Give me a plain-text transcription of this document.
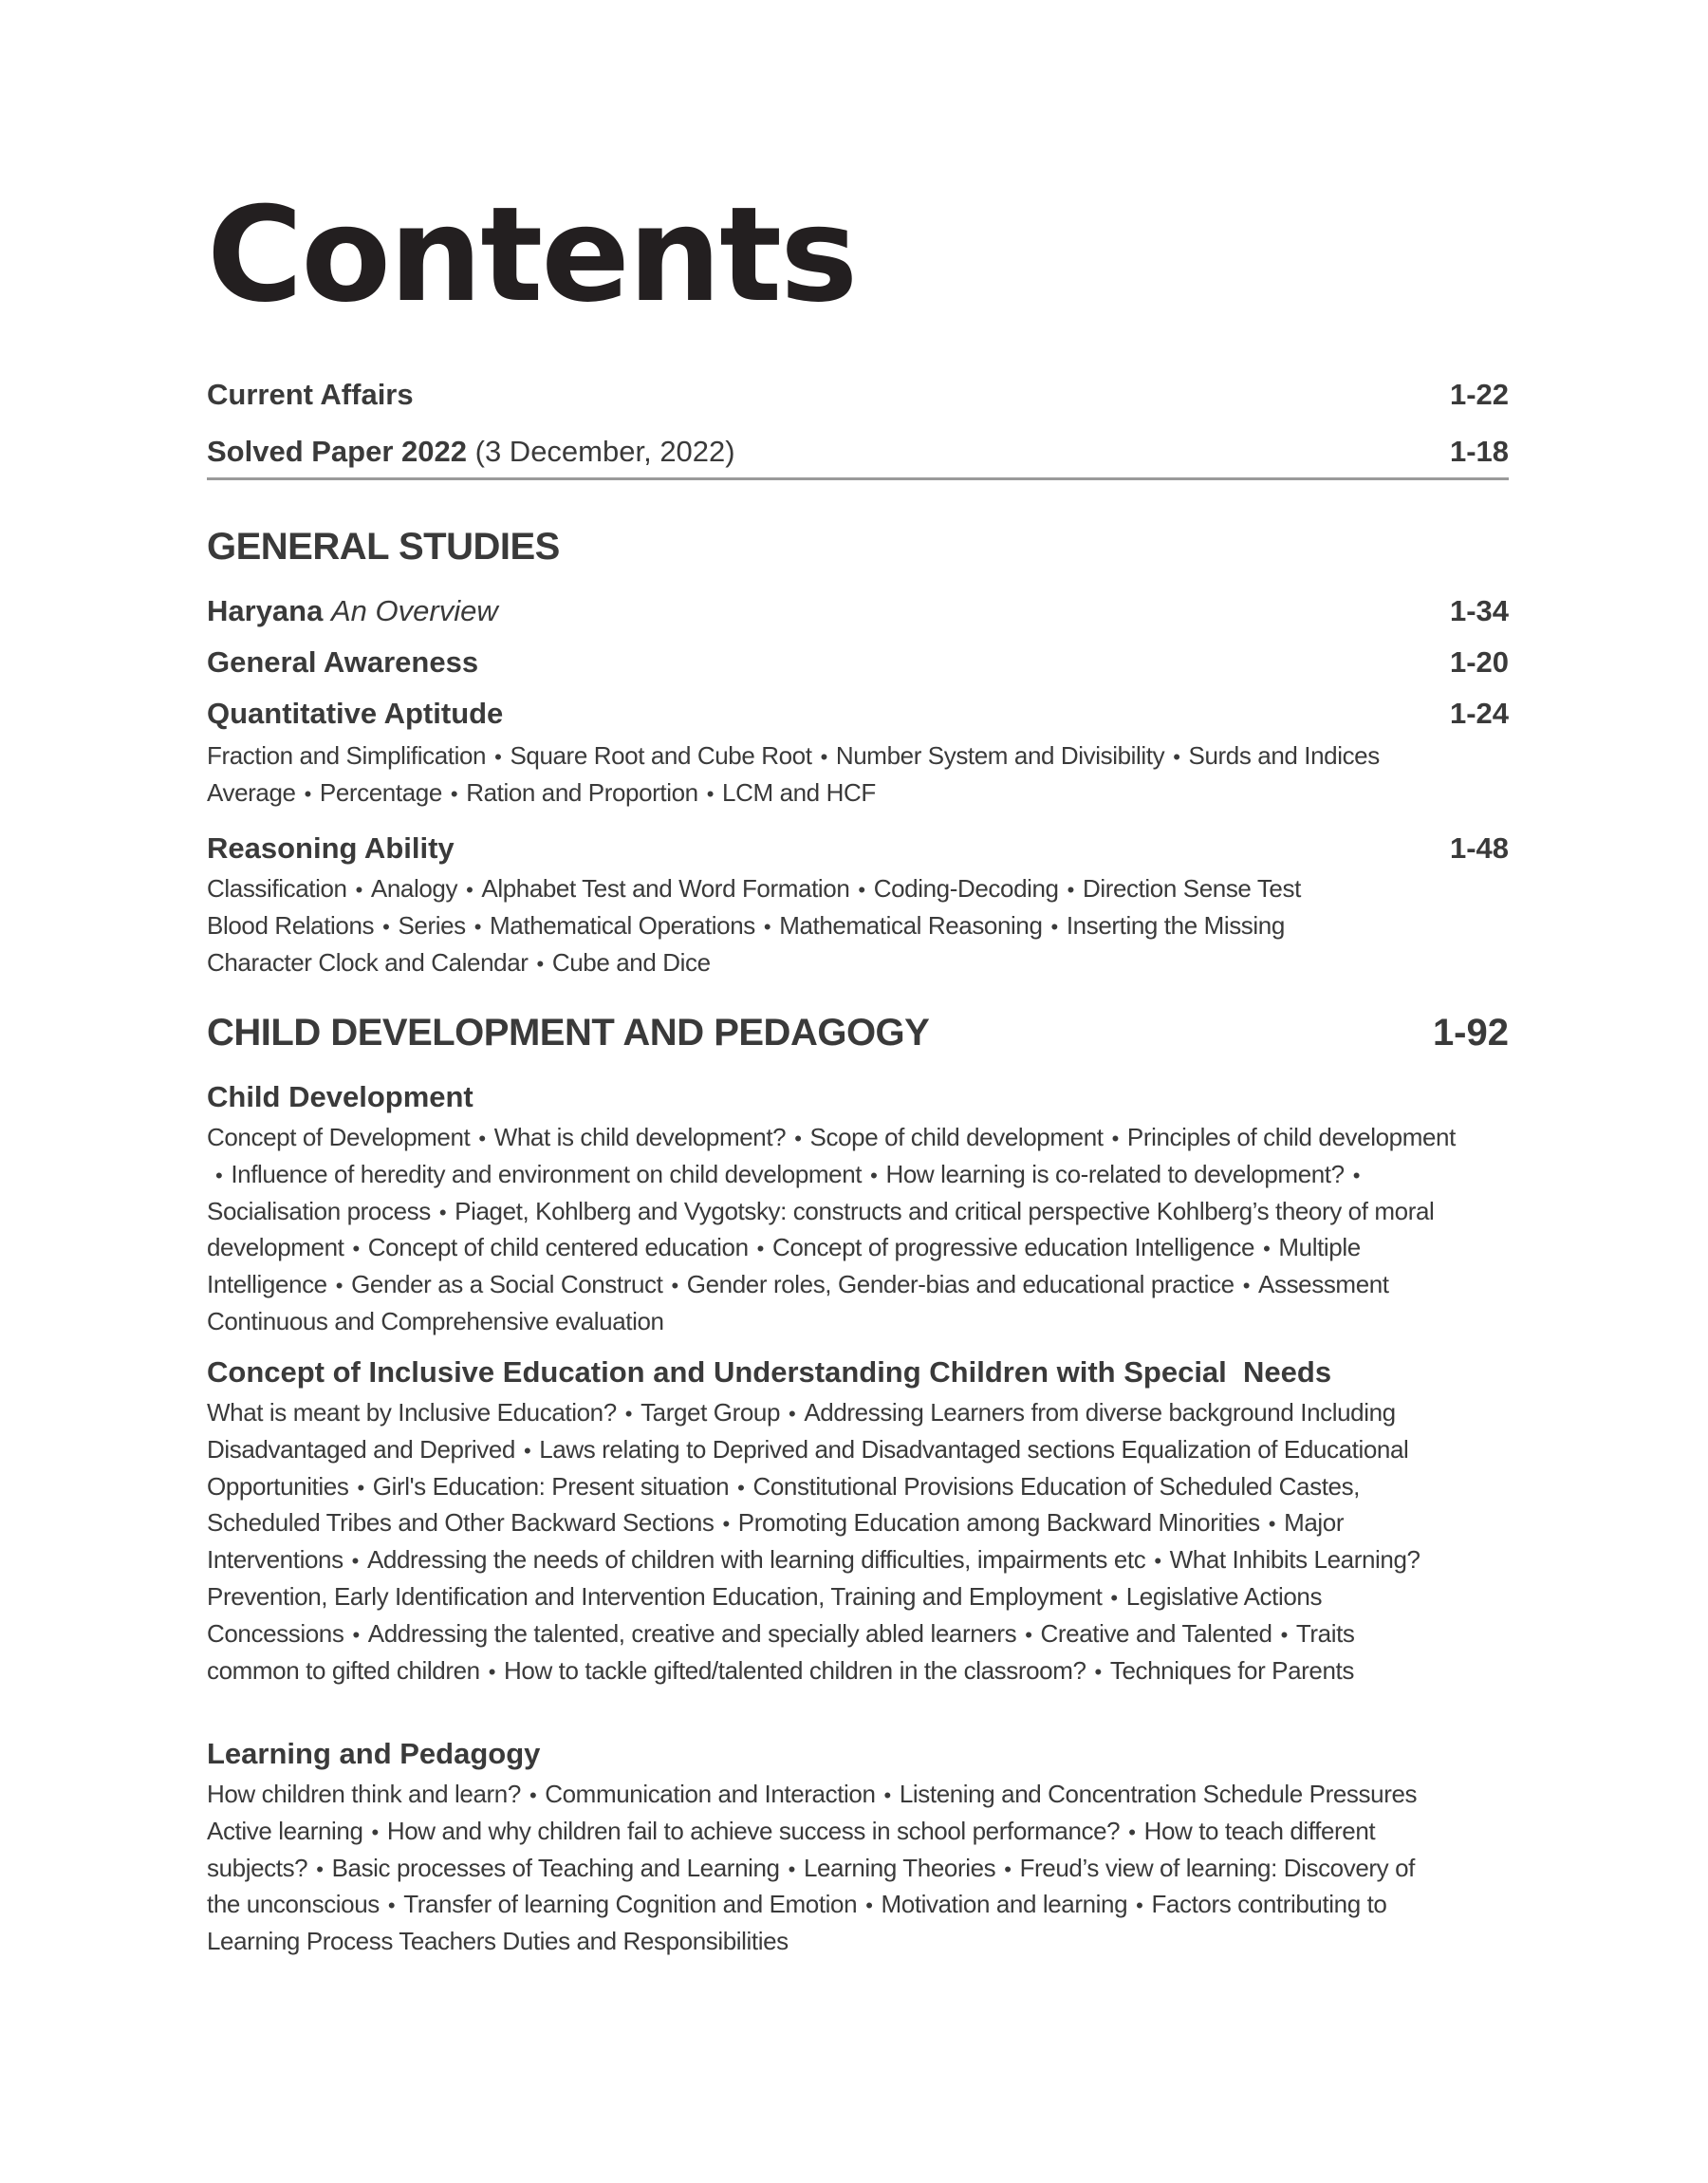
Contents
Current Affairs	1-22
Solved Paper 2022 (3 December, 2022)	1-18
GENERAL STUDIES
Haryana An Overview	1-34
General Awareness	1-20
Quantitative Aptitude	1-24

Fraction and Simplification • Square Root and Cube Root • Number System and Divisibility • Surds and Indices Average • Percentage • Ration and Proportion • LCM and HCF

Reasoning Ability	1-48

Classification • Analogy • Alphabet Test and Word Formation • Coding-Decoding • Direction Sense Test Blood Relations • Series • Mathematical Operations • Mathematical Reasoning • Inserting the Missing Character Clock and Calendar • Cube and Dice

CHILD DEVELOPMENT AND PEDAGOGY	1-92
Child Development

Concept of Development • What is child development? • Scope of child development • Principles of child development• Influence of heredity and environment on child development • How learning is co-related to development? •Socialisation process • Piaget, Kohlberg and Vygotsky: constructs and critical perspective Kohlberg’s theory of moral development • Concept of child centered education • Concept of progressive education Intelligence • Multiple Intelligence • Gender as a Social Construct • Gender roles, Gender-bias and educational practice • Assessment Continuous and Comprehensive evaluation

Concept of Inclusive Education and Understanding Children with Special  Needs

What is meant by Inclusive Education? • Target Group • Addressing Learners from diverse background Including Disadvantaged and Deprived • Laws relating to Deprived and Disadvantaged sections Equalization of Educational Opportunities • Girl's Education: Present situation • Constitutional Provisions Education of Scheduled Castes, Scheduled Tribes and Other Backward Sections • Promoting Education among Backward Minorities • Major Interventions • Addressing the needs of children with learning difficulties, impairments etc • What Inhibits Learning? Prevention, Early Identification and Intervention Education, Training and Employment • Legislative Actions Concessions • Addressing the talented, creative and specially abled learners • Creative and Talented • Traits common to gifted children • How to tackle gifted/talented children in the classroom? • Techniques for Parents

Learning and Pedagogy

How children think and learn? • Communication and Interaction • Listening and Concentration Schedule Pressures Active learning • How and why children fail to achieve success in school performance? • How to teach different subjects? • Basic processes of Teaching and Learning • Learning Theories • Freud’s view of learning: Discovery of the unconscious • Transfer of learning Cognition and Emotion • Motivation and learning • Factors contributing to Learning Process Teachers Duties and Responsibilities
